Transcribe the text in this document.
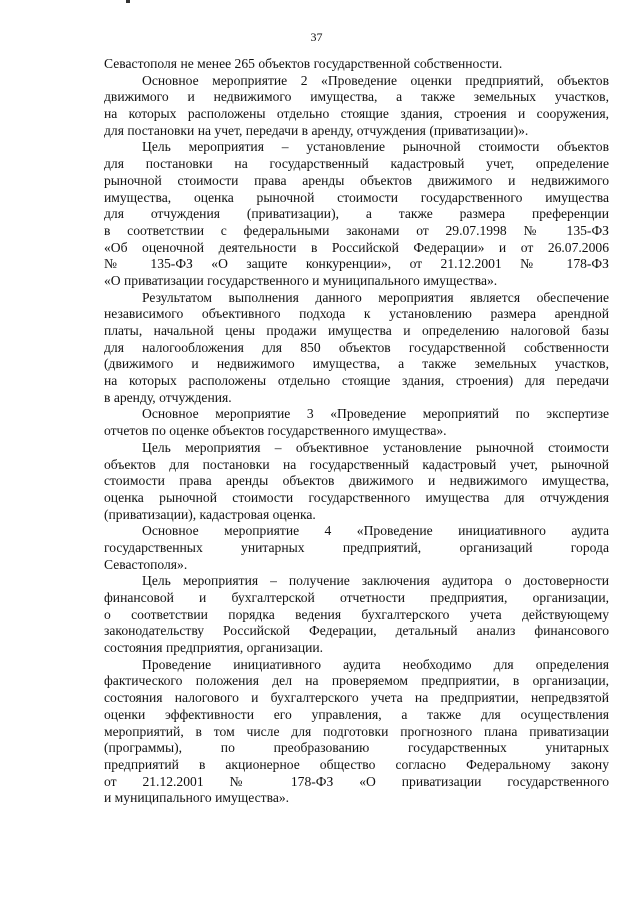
37
Севастополя не менее 265 объектов государственной собственности.
Основное мероприятие 2 «Проведение оценки предприятий, объектов
движимого и недвижимого имущества, а также земельных участков,
на которых расположены отдельно стоящие здания, строения и сооружения,
для постановки на учет, передачи в аренду, отчуждения (приватизации)».
Цель мероприятия – установление рыночной стоимости объектов
для постановки на государственный кадастровый учет, определение
рыночной стоимости права аренды объектов движимого и недвижимого
имущества, оценка рыночной стоимости государственного имущества
для отчуждения (приватизации), а также размера преференции
в соответствии с федеральными законами от 29.07.1998 № 135-ФЗ
«Об оценочной деятельности в Российской Федерации» и от 26.07.2006
№ 135-ФЗ «О защите конкуренции», от 21.12.2001 № 178-ФЗ
«О приватизации государственного и муниципального имущества».
Результатом выполнения данного мероприятия является обеспечение
независимого объективного подхода к установлению размера арендной
платы, начальной цены продажи имущества и определению налоговой базы
для налогообложения для 850 объектов государственной собственности
(движимого и недвижимого имущества, а также земельных участков,
на которых расположены отдельно стоящие здания, строения) для передачи
в аренду, отчуждения.
Основное мероприятие 3 «Проведение мероприятий по экспертизе
отчетов по оценке объектов государственного имущества».
Цель мероприятия – объективное установление рыночной стоимости
объектов для постановки на государственный кадастровый учет, рыночной
стоимости права аренды объектов движимого и недвижимого имущества,
оценка рыночной стоимости государственного имущества для отчуждения
(приватизации), кадастровая оценка.
Основное мероприятие 4 «Проведение инициативного аудита
государственных унитарных предприятий, организаций города
Севастополя».
Цель мероприятия – получение заключения аудитора о достоверности
финансовой и бухгалтерской отчетности предприятия, организации,
о соответствии порядка ведения бухгалтерского учета действующему
законодательству Российской Федерации, детальный анализ финансового
состояния предприятия, организации.
Проведение инициативного аудита необходимо для определения
фактического положения дел на проверяемом предприятии, в организации,
состояния налогового и бухгалтерского учета на предприятии, непредвзятой
оценки эффективности его управления, а также для осуществления
мероприятий, в том числе для подготовки прогнозного плана приватизации
(программы), по преобразованию государственных унитарных
предприятий в акционерное общество согласно Федеральному закону
от 21.12.2001 № 178-ФЗ «О приватизации государственного
и муниципального имущества».
